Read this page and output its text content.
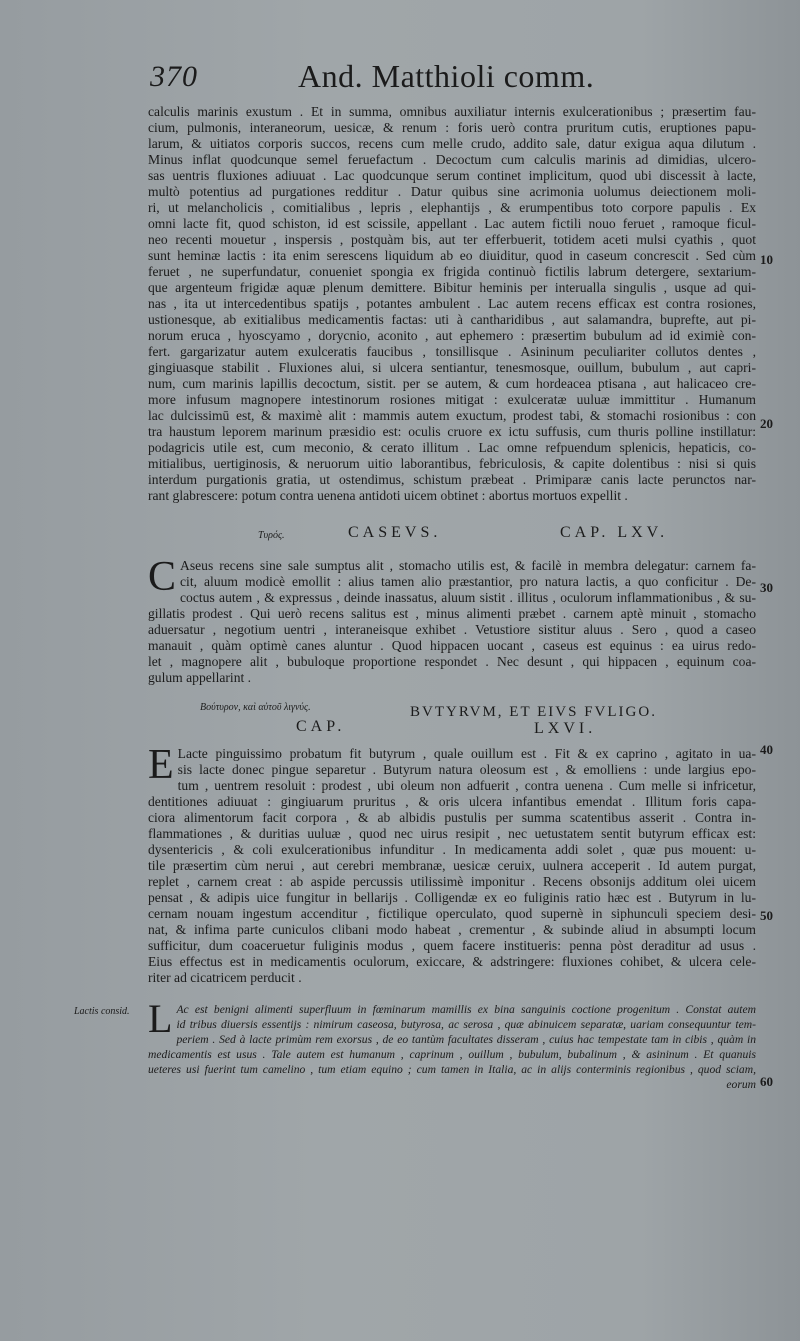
370	And. Matthioli comm.
calculis marinis exustum . Et in summa, omnibus auxiliatur internis exulcerationibus ; præsertim fau-
cium, pulmonis, interaneorum, uesicæ, & renum : foris uerò contra pruritum cutis, eruptiones papu-
larum, & uitiatos corporis succos, recens cum melle crudo, addito sale, datur exigua aqua dilutum .
Minus inflat quodcunque semel feruefactum . Decoctum cum calculis marinis ad dimidias, ulcero-
sas uentris fluxiones adiuuat . Lac quodcunque serum continet implicitum, quod ubi discessit à lacte,
multò potentius ad purgationes redditur . Datur quibus sine acrimonia uolumus deiectionem moli-
ri, ut melancholicis , comitialibus , lepris , elephantijs , & erumpentibus toto corpore papulis . Ex
omni lacte fit, quod schiston, id est scissile, appellant . Lac autem fictili nouo feruet , ramoque ficul-
neo recenti mouetur , inspersis , postquàm bis, aut ter efferbuerit, totidem aceti mulsi cyathis , quot
sunt heminæ lactis : ita enim serescens liquidum ab eo diuiditur, quod in caseum concrescit . Sed cùm
feruet , ne superfundatur, conueniet spongia ex frigida continuò fictilis labrum detergere, sextarium-
que argenteum frigidæ aquæ plenum demittere. Bibitur heminis per interualla singulis , usque ad qui-
nas , ita ut intercedentibus spatijs , potantes ambulent . Lac autem recens efficax est contra rosiones,
ustionesque, ab exitialibus medicamentis factas: uti à cantharidibus , aut salamandra, buprefte, aut pi-
norum eruca , hyoscyamo , dorycnio, aconito , aut ephemero : præsertim bubulum ad id eximiè con-
fert. gargarizatur autem exulceratis faucibus , tonsillisque . Asininum peculiariter collutos dentes ,
gingiuasque stabilit . Fluxiones alui, si ulcera sentiantur, tenesmosque, ouillum, bubulum , aut capri-
num, cum marinis lapillis decoctum, sistit. per se autem, & cum hordeacea ptisana , aut halicaceo cre-
more infusum magnopere intestinorum rosiones mitigat : exulceratæ uuluæ immittitur . Humanum
lac dulcissimū est, & maximè alit : mammis autem exuctum, prodest tabi, & stomachi rosionibus : con
tra haustum leporem marinum præsidio est: oculis cruore ex ictu suffusis, cum thuris polline instillatur:
podagricis utile est, cum meconio, & cerato illitum . Lac omne refpuendum splenicis, hepaticis, co-
mitialibus, uertiginosis, & neruorum uitio laborantibus, febriculosis, & capite dolentibus : nisi si quis
interdum purgationis gratia, ut ostendimus, schistum præbeat . Primiparæ canis lacte perunctos nar-
rant glabrescere: potum contra uenena antidoti uicem obtinet : abortus mortuos expellit .
10
20
Τυρός.	CASEVS.	CAP. LXV.
C Aseus recens sine sale sumptus alit , stomacho utilis est, & facilè in membra delegatur: carnem fa-
cit, aluum modicè emollit : alius tamen alio præstantior, pro natura lactis, a quo conficitur . De-
coctus autem , & expressus , deinde inassatus, aluum sistit . illitus , oculorum inflammationibus , & su-
gillatis prodest . Qui uerò recens salitus est , minus alimenti præbet . carnem aptè minuit , stomacho
aduersatur , negotium uentri , interaneisque exhibet . Vetustiore sistitur aluus . Sero , quod a caseo
manauit , quàm optimè canes aluntur . Quod hippacen uocant , caseus est equinus : ea uirus redo-
let , magnopere alit , bubuloque proportione respondet . Nec desunt , qui hippacen , equinum coa-
gulum appellarint .
30
Βούτυρον, καὶ αὐτοῦ λιγνύς.	BVTYRVM, ET EIVS FVLIGO.
CAP.	LXVI.
E Lacte pinguissimo probatum fit butyrum , quale ouillum est . Fit & ex caprino , agitato in ua-
sis lacte donec pingue separetur . Butyrum natura oleosum est , & emolliens : unde largius epo-
tum , uentrem resoluit : prodest , ubi oleum non adfuerit , contra uenena . Cum melle si infricetur,
dentitiones adiuuat : gingiuarum pruritus , & oris ulcera infantibus emendat . Illitum foris capa-
ciora alimentorum facit corpora , & ab albidis pustulis per summa scatentibus asserit . Contra in-
flammationes , & duritias uuluæ , quod nec uirus resipit , nec uetustatem sentit butyrum efficax est:
dysentericis , & coli exulcerationibus infunditur . In medicamenta addi solet , quæ pus mouent: u-
tile præsertim cùm nerui , aut cerebri membranæ, uesicæ ceruix, uulnera acceperit . Id autem purgat,
replet , carnem creat : ab aspide percussis utilissimè imponitur . Recens obsonijs additum olei uicem
pensat , & adipis uice fungitur in bellarijs . Colligendæ ex eo fuliginis ratio hæc est . Butyrum in lu-
cernam nouam ingestum accenditur , fictilique operculato, quod supernè in siphunculi speciem desi-
nat, & infima parte cuniculos clibani modo habeat , crementur , & subinde aliud in absumpti locum
sufficitur, dum coaceruetur fuliginis modus , quem facere institueris: penna pòst deraditur ad usus .
Eius effectus est in medicamentis oculorum, exiccare, & adstringere: fluxiones cohibet, & ulcera cele-
riter ad cicatricem perducit .
40
50
Lactis consid. L Ac est benigni alimenti superfluum in fœminarum mamillis ex bina sanguinis coctione progenitum . Constat autem
id tribus diuersis essentijs : nimirum caseosa, butyrosa, ac serosa , quæ abinuicem separatæ, uariam consequuntur tem-
periem . Sed à lacte primùm rem exorsus , de eo tantùm facultates disseram , cuius hac tempestate tam in cibis , quàm in
medicamentis est usus . Tale autem est humanum , caprinum , ouillum , bubulum, bubalinum , & asininum . Et quanuis
ueteres usi fuerint tum camelino , tum etiam equino ; cum tamen in Italia, ac in alijs conterminis regionibus , quod sciam,
eorum 60
